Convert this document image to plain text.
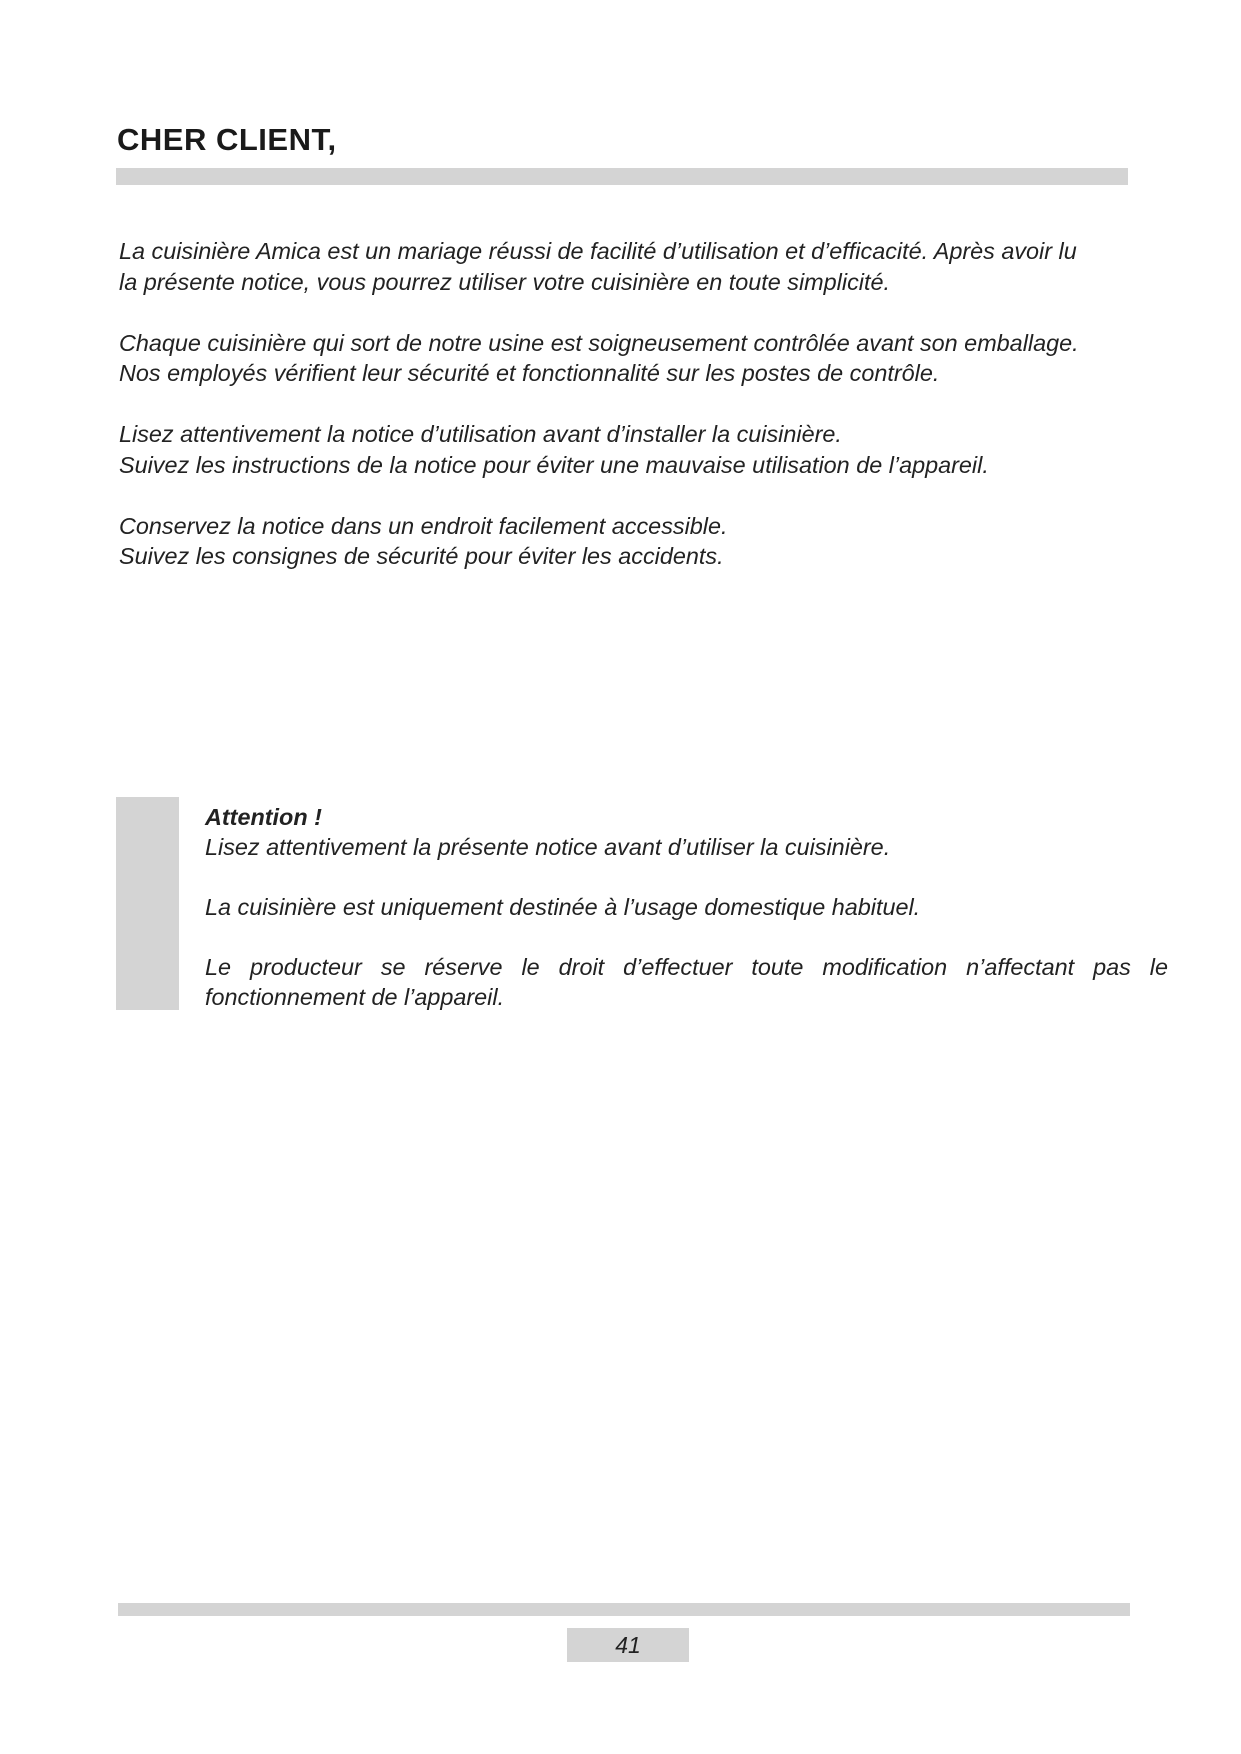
CHER CLIENT,

La cuisinière Amica est un mariage réussi de facilité d’utilisation et d’efficacité. Après avoir lu
la présente notice, vous pourrez utiliser votre cuisinière en toute simplicité.

Chaque cuisinière qui sort de notre usine est soigneusement contrôlée avant son emballage.
Nos employés vérifient leur sécurité et fonctionnalité sur les postes de contrôle.

Lisez attentivement la notice d’utilisation avant d’installer la cuisinière.
Suivez les instructions de la notice pour éviter une mauvaise utilisation de l’appareil.

Conservez la notice dans un endroit facilement accessible.
Suivez les consignes de sécurité pour éviter les accidents.

Attention !

Lisez attentivement la présente notice avant d’utiliser la cuisinière.

La cuisinière est uniquement destinée à l’usage domestique habituel.

Le producteur se réserve le droit d’effectuer toute modification n’affectant pas le fonctionnement de l’appareil.

41
